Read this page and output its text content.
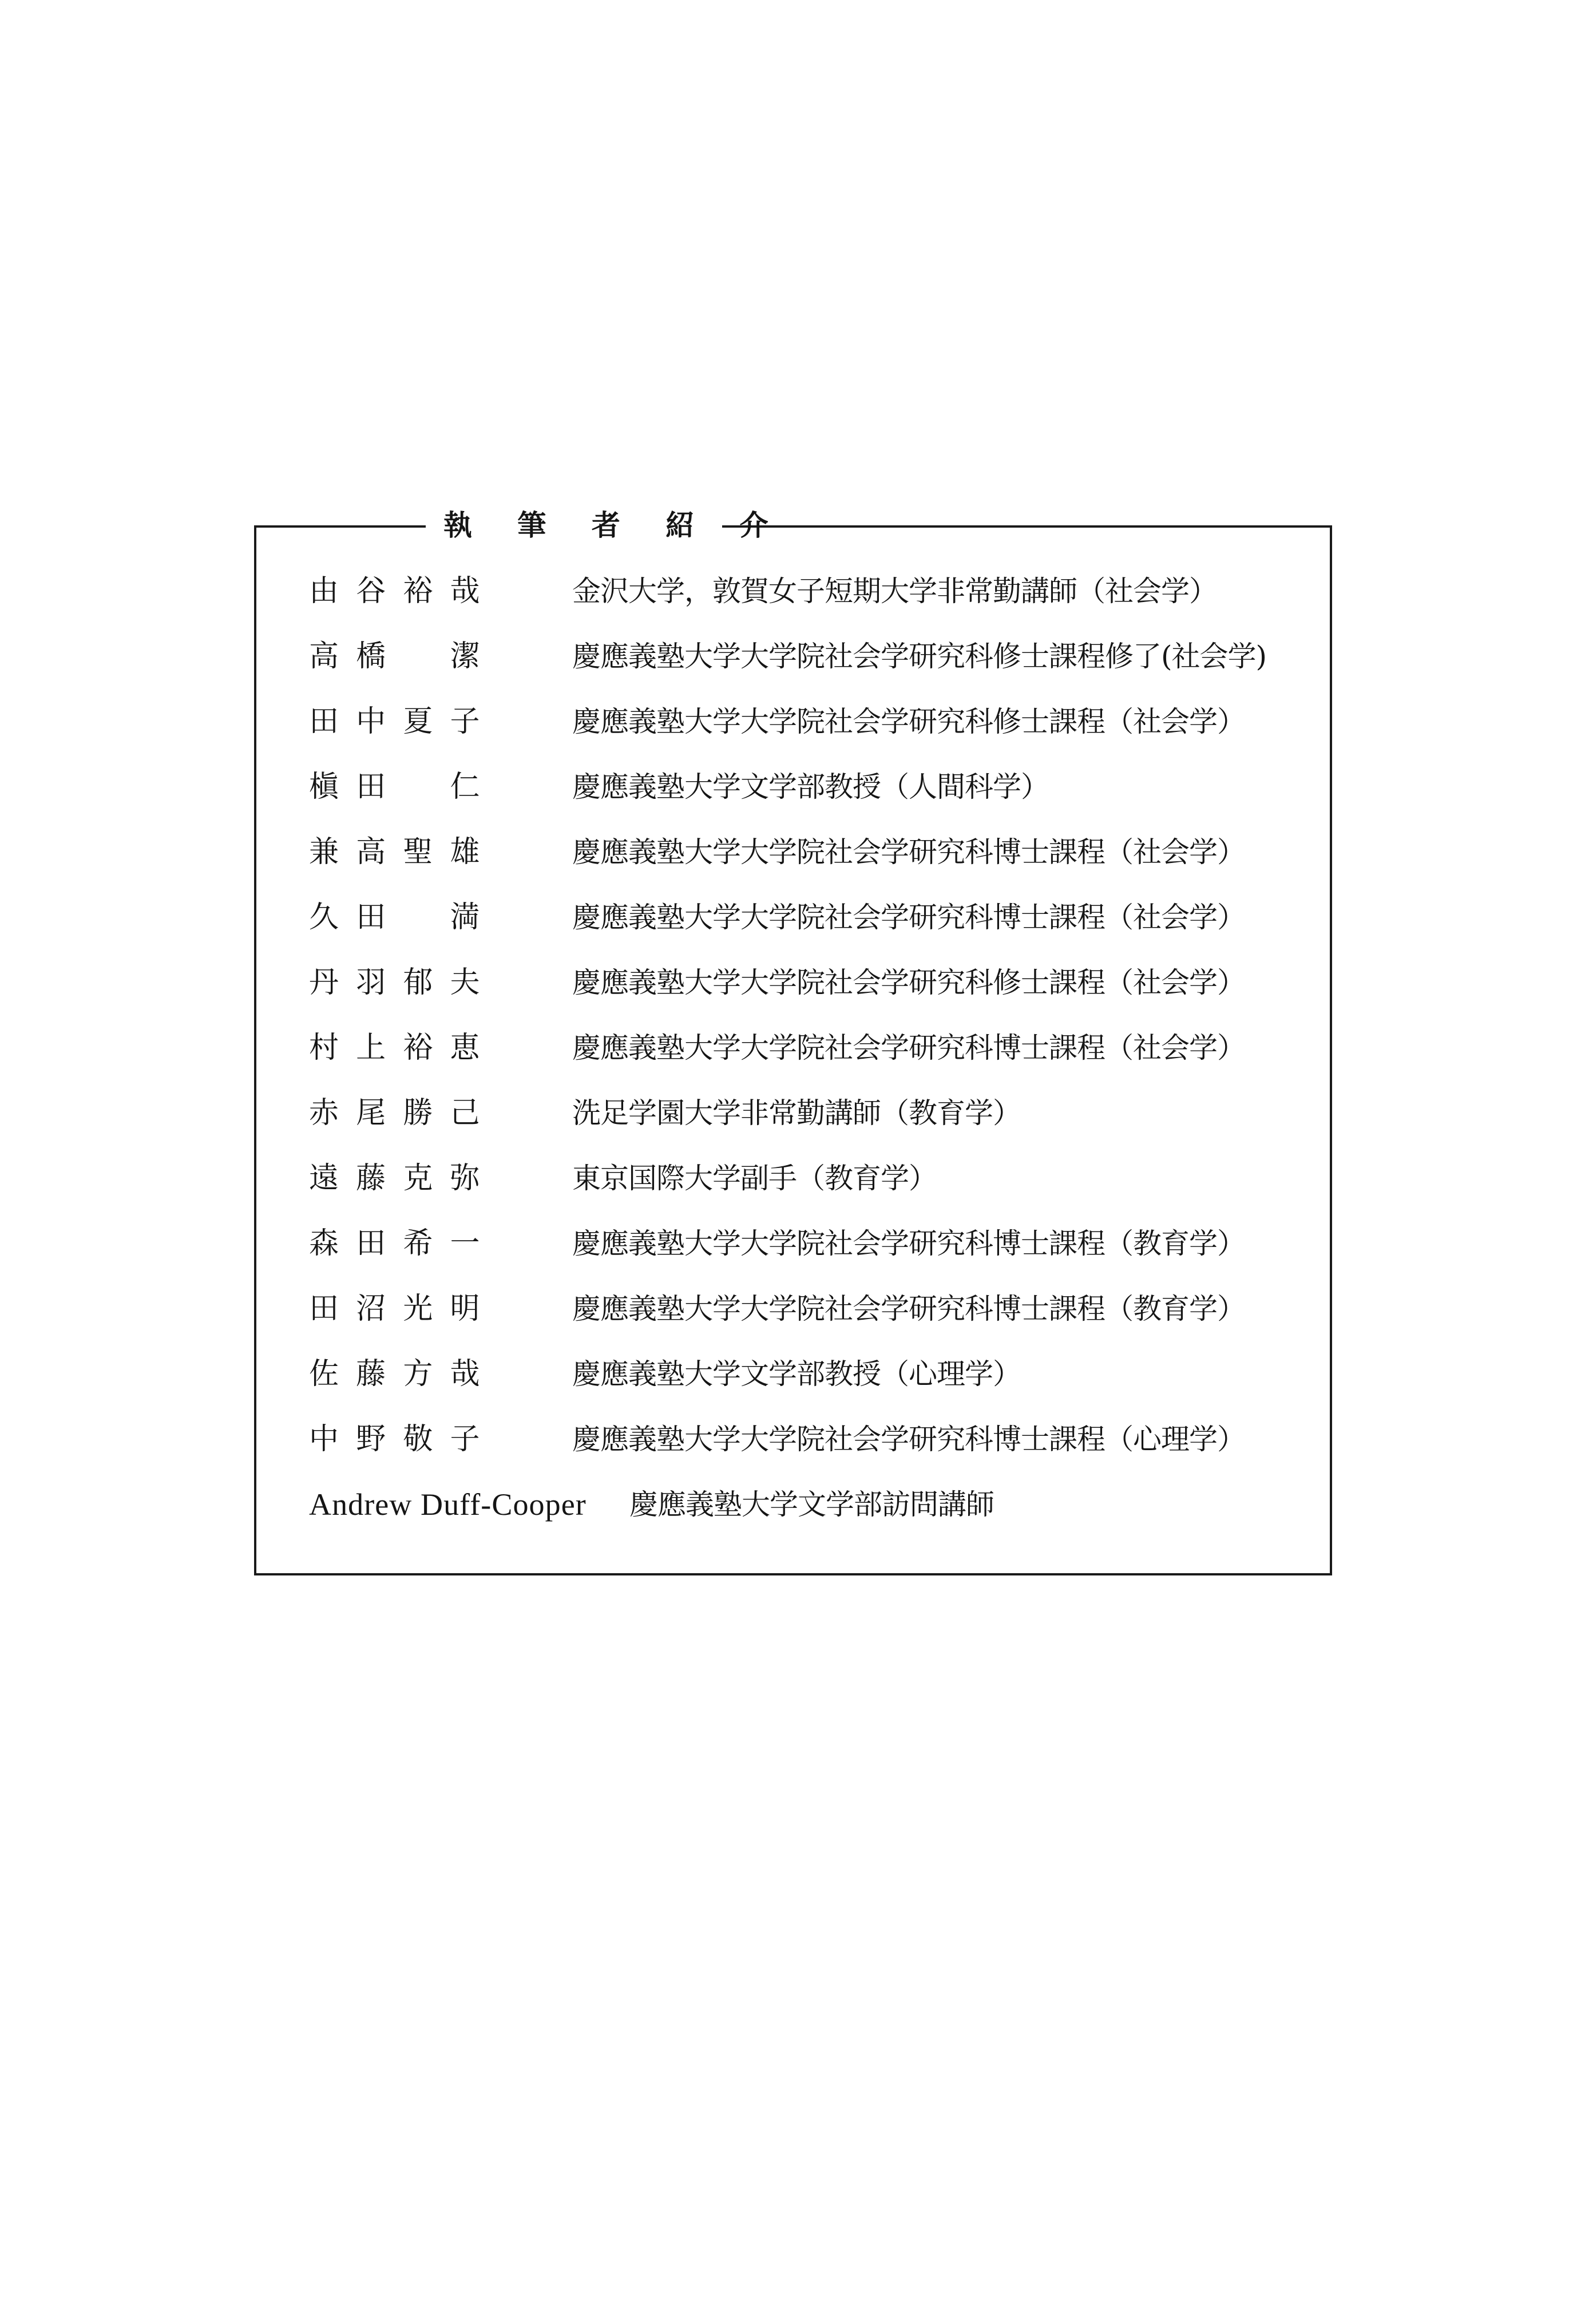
執 筆 者 紹 介
由谷裕哉	金沢大学，敦賀女子短期大学非常勤講師（社会学）
高橋　潔	慶應義塾大学大学院社会学研究科修士課程修了(社会学)
田中夏子	慶應義塾大学大学院社会学研究科修士課程（社会学）
槇田　仁	慶應義塾大学文学部教授（人間科学）
兼高聖雄	慶應義塾大学大学院社会学研究科博士課程（社会学）
久田　満	慶應義塾大学大学院社会学研究科博士課程（社会学）
丹羽郁夫	慶應義塾大学大学院社会学研究科修士課程（社会学）
村上裕恵	慶應義塾大学大学院社会学研究科博士課程（社会学）
赤尾勝己	洗足学園大学非常勤講師（教育学）
遠藤克弥	東京国際大学副手（教育学）
森田希一	慶應義塾大学大学院社会学研究科博士課程（教育学）
田沼光明	慶應義塾大学大学院社会学研究科博士課程（教育学）
佐藤方哉	慶應義塾大学文学部教授（心理学）
中野敬子	慶應義塾大学大学院社会学研究科博士課程（心理学）
Andrew Duff-Cooper	慶應義塾大学文学部訪問講師
